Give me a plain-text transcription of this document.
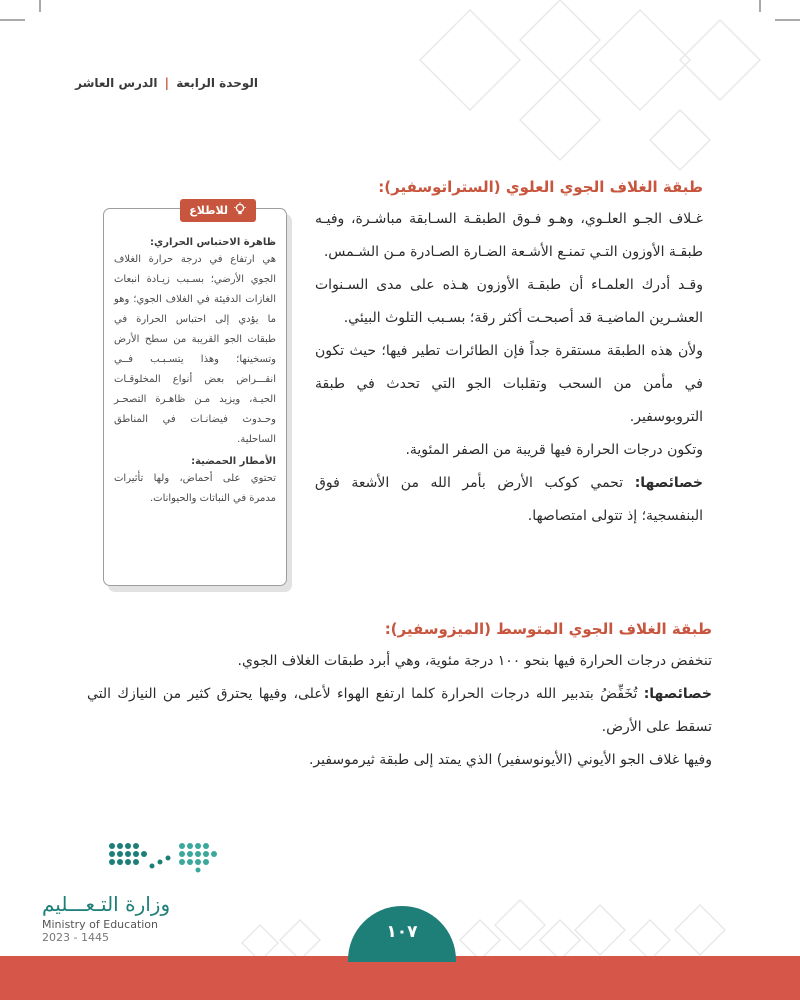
الوحدة الرابعة | الدرس العاشر
طبقة الغلاف الجوي العلوي (الستراتوسفير):

غـلاف الجـو العلـوي، وهـو فـوق الطبقـة السـابقة مباشـرة، وفيـه طبقـة الأوزون التـي تمنـع الأشـعة الضـارة الصـادرة مـن الشـمس.

وقـد أدرك العلمـاء أن طبقـة الأوزون هـذه على مدى السـنوات العشـرين الماضيـة قد أصبحـت أكثر رقة؛ بسـبب التلوث البيئي.

ولأن هذه الطبقة مستقرة جداً فإن الطائرات تطير فيها؛ حيث تكون في مأمن من السحب وتقلبات الجو التي تحدث في طبقة التروبوسفير.

وتكون درجات الحرارة فيها قريبة من الصفر المئوية.

خصائصها: تحمي كوكب الأرض بأمر الله من الأشعة فوق البنفسجية؛ إذ تتولى امتصاصها.

للاطلاع
ظاهرة الاحتباس الحراري:

هي ارتفاع في درجة حرارة الغلاف الجوي الأرضي؛ بسـبب زيـادة انبعاث الغازات الدفيئة في الغلاف الجوي؛ وهو ما يؤدي إلى احتباس الحرارة في طبقات الجو القريبة من سطح الأرض وتسخينها؛ وهذا يتسـبـب فــي انقـــراض بعض أنواع المخلوقـات الحيـة، ويزيد مـن ظاهـرة التصحـر وحـدوث فيضانـات في المناطق الساحلية.

الأمطار الحمضية:

تحتوي على أحماض، ولها تأثيرات مدمرة في النباتات والحيوانات.

طبقة الغلاف الجوي المتوسط (الميزوسفير):

تنخفض درجات الحرارة فيها بنحو ١٠٠ درجة مئوية، وهي أبرد طبقات الغلاف الجوي.

خصائصها: تُخَفِّضُ بتدبير الله درجات الحرارة كلما ارتفع الهواء لأعلى، وفيها يحترق كثير من النيازك التي تسقط على الأرض.

وفيها غلاف الجو الأيوني (الأيونوسفير) الذي يمتد إلى طبقة ثيرموسفير.

وزارة التـعـــليم
Ministry of Education
2023 - 1445	١٠٧
